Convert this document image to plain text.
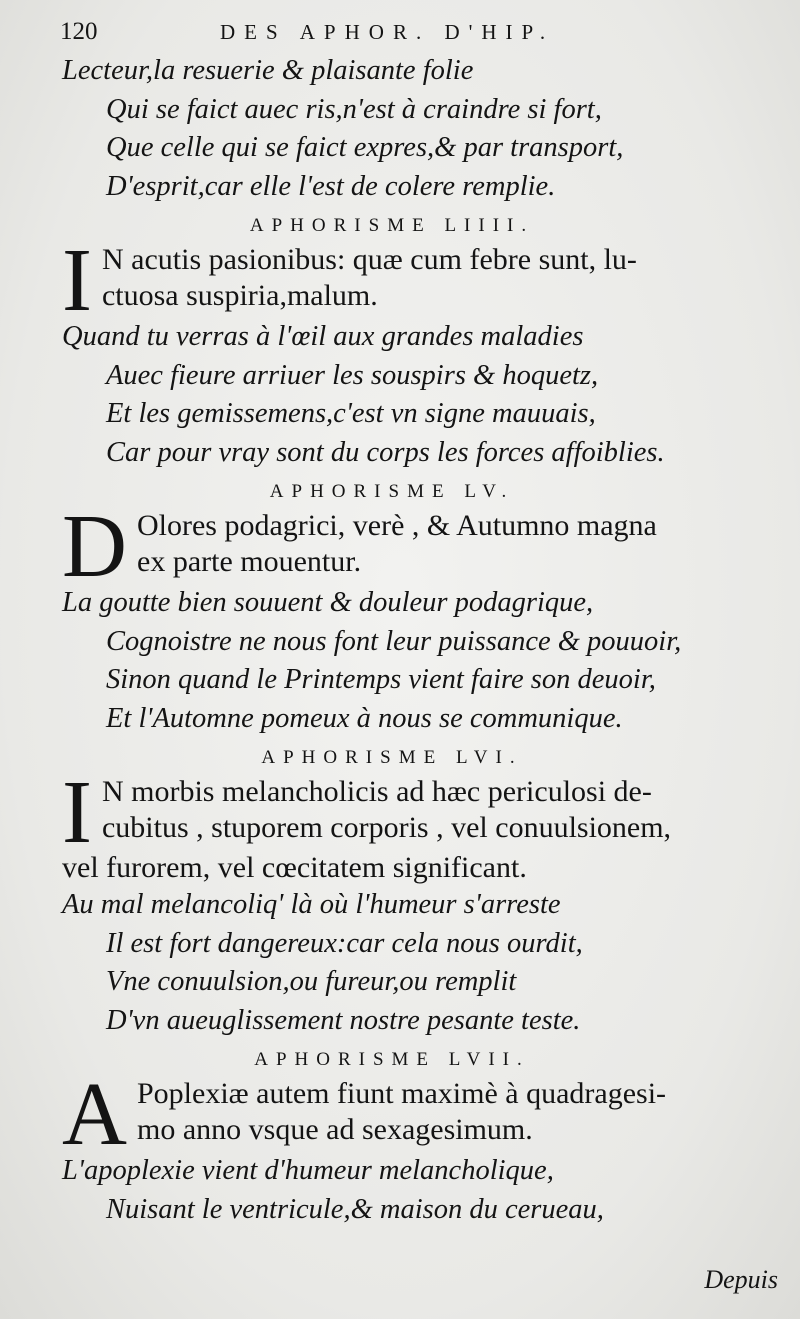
120	DES APHOR. D'HIP.
Lecteur,la resuerie & plaisante folie
Qui se faict auec ris,n'est à craindre si fort,
Que celle qui se faict expres,& par transport,
D'esprit,car elle l'est de colere remplie.
APHORISME LIIII.
I N acutis pasionibus: quæ cum febre sunt, lu-
ctuosa suspiria,malum.
Quand tu verras à l'œil aux grandes maladies
Auec fieure arriuer les souspirs & hoquetz,
Et les gemissemens,c'est vn signe mauuais,
Car pour vray sont du corps les forces affoiblies.
APHORISME LV.
D Olores podagrici, verè , & Autumno magna
ex parte mouentur.
La goutte bien souuent & douleur podagrique,
Cognoistre ne nous font leur puissance & pouuoir,
Sinon quand le Printemps vient faire son deuoir,
Et l'Automne pomeux à nous se communique.
APHORISME LVI.
I N morbis melancholicis ad hæc periculosi de-
cubitus , stuporem corporis , vel conuulsionem,
vel furorem, vel cœcitatem significant.
Au mal melancoliq' là où l'humeur s'arreste
Il est fort dangereux:car cela nous ourdit,
Vne conuulsion,ou fureur,ou remplit
D'vn aueuglissement nostre pesante teste.
APHORISME LVII.
A Poplexiæ autem fiunt maximè à quadragesi-
mo anno vsque ad sexagesimum.
L'apoplexie vient d'humeur melancholique,
Nuisant le ventricule,& maison du cerueau,
Depuis
